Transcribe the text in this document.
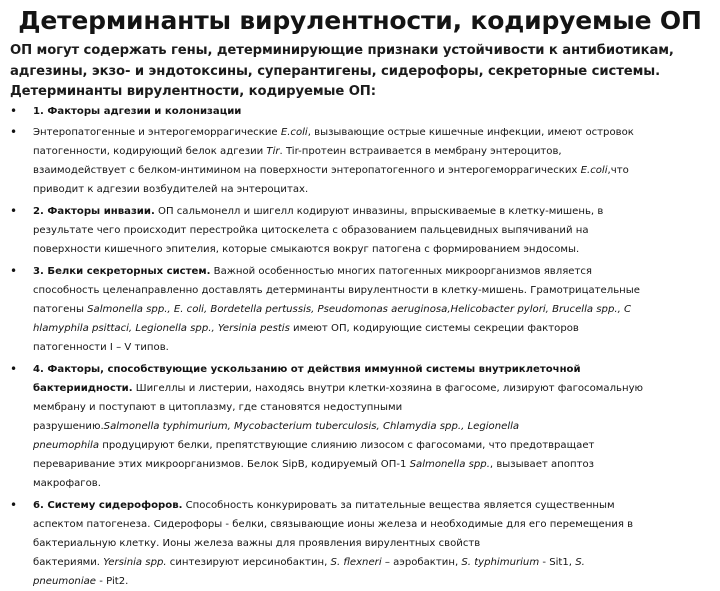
Детерминанты вирулентности, кодируемые ОП
ОП могут содержать гены, детерминирующие признаки устойчивости к антибиотикам,
адгезины, экзо- и эндотоксины, суперантигены, сидерофоры, секреторные системы.
Детерминанты вирулентности, кодируемые ОП:
• 1. Факторы адгезии и колонизации
• Энтеропатогенные и энтерогеморрагические E.coli, вызывающие острые кишечные инфекции, имеют островок
патогенности, кодирующий белок адгезии Tir. Tir-протеин встраивается в мембрану энтероцитов,
взаимодействует с белком-интимином на поверхности энтеропатогенного и энтерогеморрагических E.coli,что
приводит к адгезии возбудителей на энтероцитах.
• 2. Факторы инвазии. ОП сальмонелл и шигелл кодируют инвазины, впрыскиваемые в клетку-мишень, в
результате чего происходит перестройка цитоскелета с образованием пальцевидных выпячиваний на
поверхности кишечного эпителия, которые смыкаются вокруг патогена с формированием эндосомы.
• 3. Белки секреторных систем. Важной особенностью многих патогенных микроорганизмов является
способность целенаправленно доставлять детерминанты вирулентности в клетку-мишень. Грамотрицательные
патогены Salmonella spp., E. coli, Bordetella pertussis, Pseudomonas aeruginosa,Helicobacter pylori, Brucella spp., C
hlamyphila psittaci, Legionella spp., Yersinia pestis имеют ОП, кодирующие системы секреции факторов
патогенности I – V типов.
• 4. Факторы, способствующие ускользанию от действия иммунной системы внутриклеточной
бактериидности. Шигеллы и листерии, находясь внутри клетки-хозяина в фагосоме, лизируют фагосомальную
мембрану и поступают в цитоплазму, где становятся недоступными
разрушению.Salmonella typhimurium, Mycobacterium tuberculosis, Chlamydia spp., Legionella
pneumophila продуцируют белки, препятствующие слиянию лизосом с фагосомами, что предотвращает
переваривание этих микроорганизмов. Белок SipB, кодируемый ОП-1 Salmonella spp., вызывает апоптоз
макрофагов.
• 6. Систему сидерофоров. Способность конкурировать за питательные вещества является существенным
аспектом патогенеза. Сидерофоры - белки, связывающие ионы железа и необходимые для его перемещения в
бактериальную клетку. Ионы железа важны для проявления вирулентных свойств
бактериями. Yersinia spp. синтезируют иерсинобактин, S. flexneri – аэробактин, S. typhimurium - Sit1, S.
pneumoniae - Pit2.
